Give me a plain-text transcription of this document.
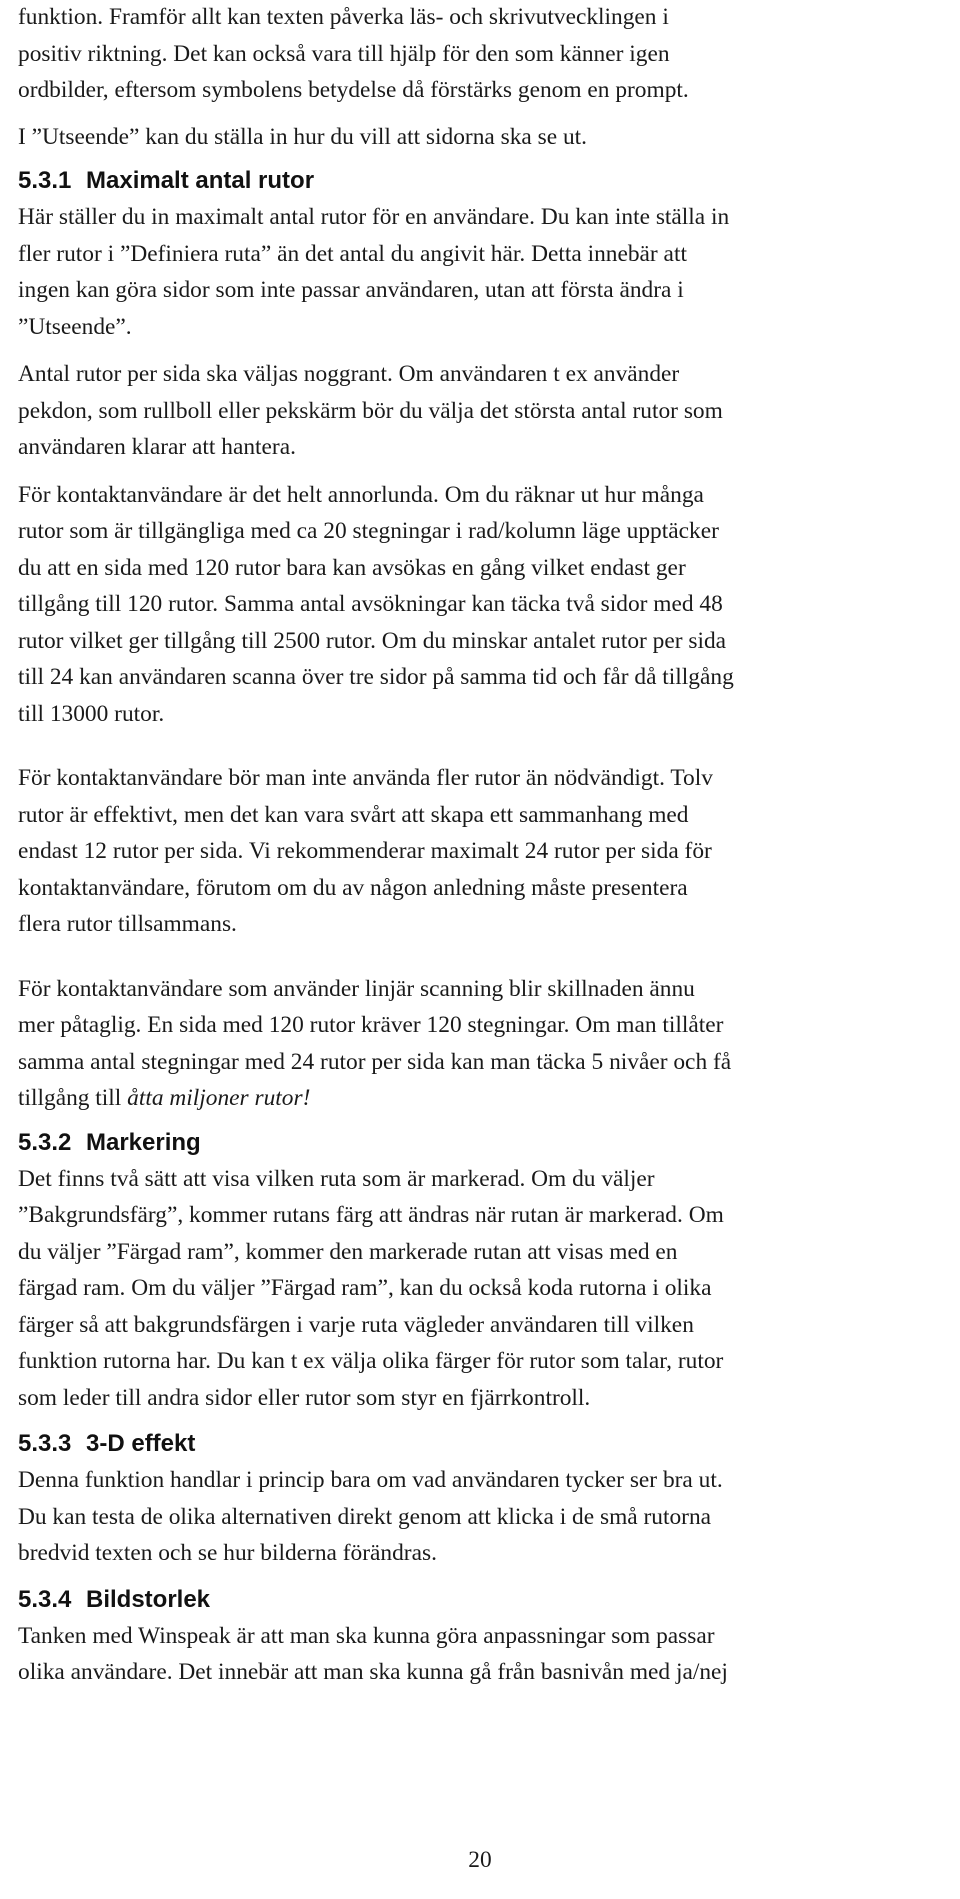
funktion. Framför allt kan texten påverka läs- och skrivutvecklingen i
positiv riktning. Det kan också vara till hjälp för den som känner igen
ordbilder, eftersom symbolens betydelse då förstärks genom en prompt.

I ”Utseende” kan du ställa in hur du vill att sidorna ska se ut.

5.3.1 Maximalt antal rutor

Här ställer du in maximalt antal rutor för en användare. Du kan inte ställa in
fler rutor i ”Definiera ruta” än det antal du angivit här. Detta innebär att
ingen kan göra sidor som inte passar användaren, utan att första ändra i
”Utseende”.

Antal rutor per sida ska väljas noggrant. Om användaren t ex använder
pekdon, som rullboll eller pekskärm bör du välja det största antal rutor som
användaren klarar att hantera.

För kontaktanvändare är det helt annorlunda. Om du räknar ut hur många
rutor som är tillgängliga med ca 20 stegningar i rad/kolumn läge upptäcker
du att en sida med 120 rutor bara kan avsökas en gång vilket endast ger
tillgång till 120 rutor. Samma antal avsökningar kan täcka två sidor med 48
rutor vilket ger tillgång till 2500 rutor. Om du minskar antalet rutor per sida
till 24 kan användaren scanna över tre sidor på samma tid och får då tillgång
till 13000 rutor.

För kontaktanvändare bör man inte använda fler rutor än nödvändigt. Tolv
rutor är effektivt, men det kan vara svårt att skapa ett sammanhang med
endast 12 rutor per sida. Vi rekommenderar maximalt 24 rutor per sida för
kontaktanvändare, förutom om du av någon anledning måste presentera
flera rutor tillsammans.

För kontaktanvändare som använder linjär scanning blir skillnaden ännu
mer påtaglig. En sida med 120 rutor kräver 120 stegningar. Om man tillåter
samma antal stegningar med 24 rutor per sida kan man täcka 5 nivåer och få
tillgång till åtta miljoner rutor!

5.3.2 Markering

Det finns två sätt att visa vilken ruta som är markerad. Om du väljer
”Bakgrundsfärg”, kommer rutans färg att ändras när rutan är markerad. Om
du väljer ”Färgad ram”, kommer den markerade rutan att visas med en
färgad ram. Om du väljer ”Färgad ram”, kan du också koda rutorna i olika
färger så att bakgrundsfärgen i varje ruta vägleder användaren till vilken
funktion rutorna har. Du kan t ex välja olika färger för rutor som talar, rutor
som leder till andra sidor eller rutor som styr en fjärrkontroll.

5.3.3 3-D effekt

Denna funktion handlar i princip bara om vad användaren tycker ser bra ut.
Du kan testa de olika alternativen direkt genom att klicka i de små rutorna
bredvid texten och se hur bilderna förändras.

5.3.4 Bildstorlek

Tanken med Winspeak är att man ska kunna göra anpassningar som passar
olika användare. Det innebär att man ska kunna gå från basnivån med ja/nej

20
